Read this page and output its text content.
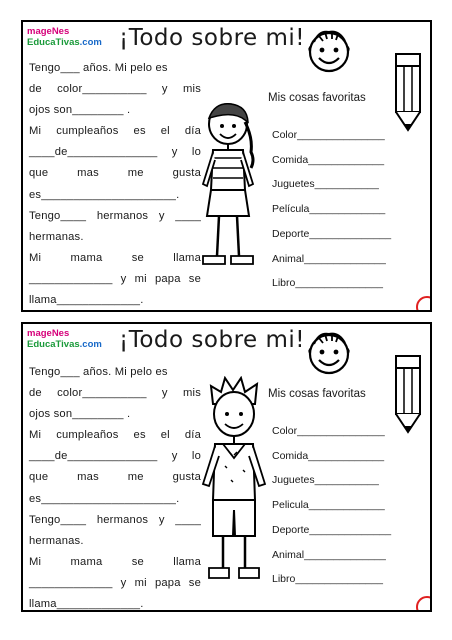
mageNes
EducaTivas.com ¡Todo sobre mi!
Tengo___ años. Mi pelo es
de color__________ y mis
ojos son________ .
Mi cumpleaños es el día
____de______________ y lo
que mas me gusta
es_____________________.
Tengo____ hermanos y ____
hermanas.
Mi mama se llama
_____________ y mi papa se
llama_____________.
Mis cosas favoritas
Color_______________
Comida_____________
Juguetes___________
Película_____________
Deporte______________
Animal______________
Libro_______________
mageNes
EducaTivas.com ¡Todo sobre mi!
Tengo___ años. Mi pelo es
de color__________ y mis
ojos son________ .
Mi cumpleaños es el día
____de______________ y lo
que mas me gusta
es_____________________.
Tengo____ hermanos y ____
hermanas.
Mi mama se llama
_____________ y mi papa se
llama_____________.
Mis cosas favoritas
Color_______________
Comida_____________
Juguetes___________
Pelicula_____________
Deporte______________
Animal______________
Libro_______________
